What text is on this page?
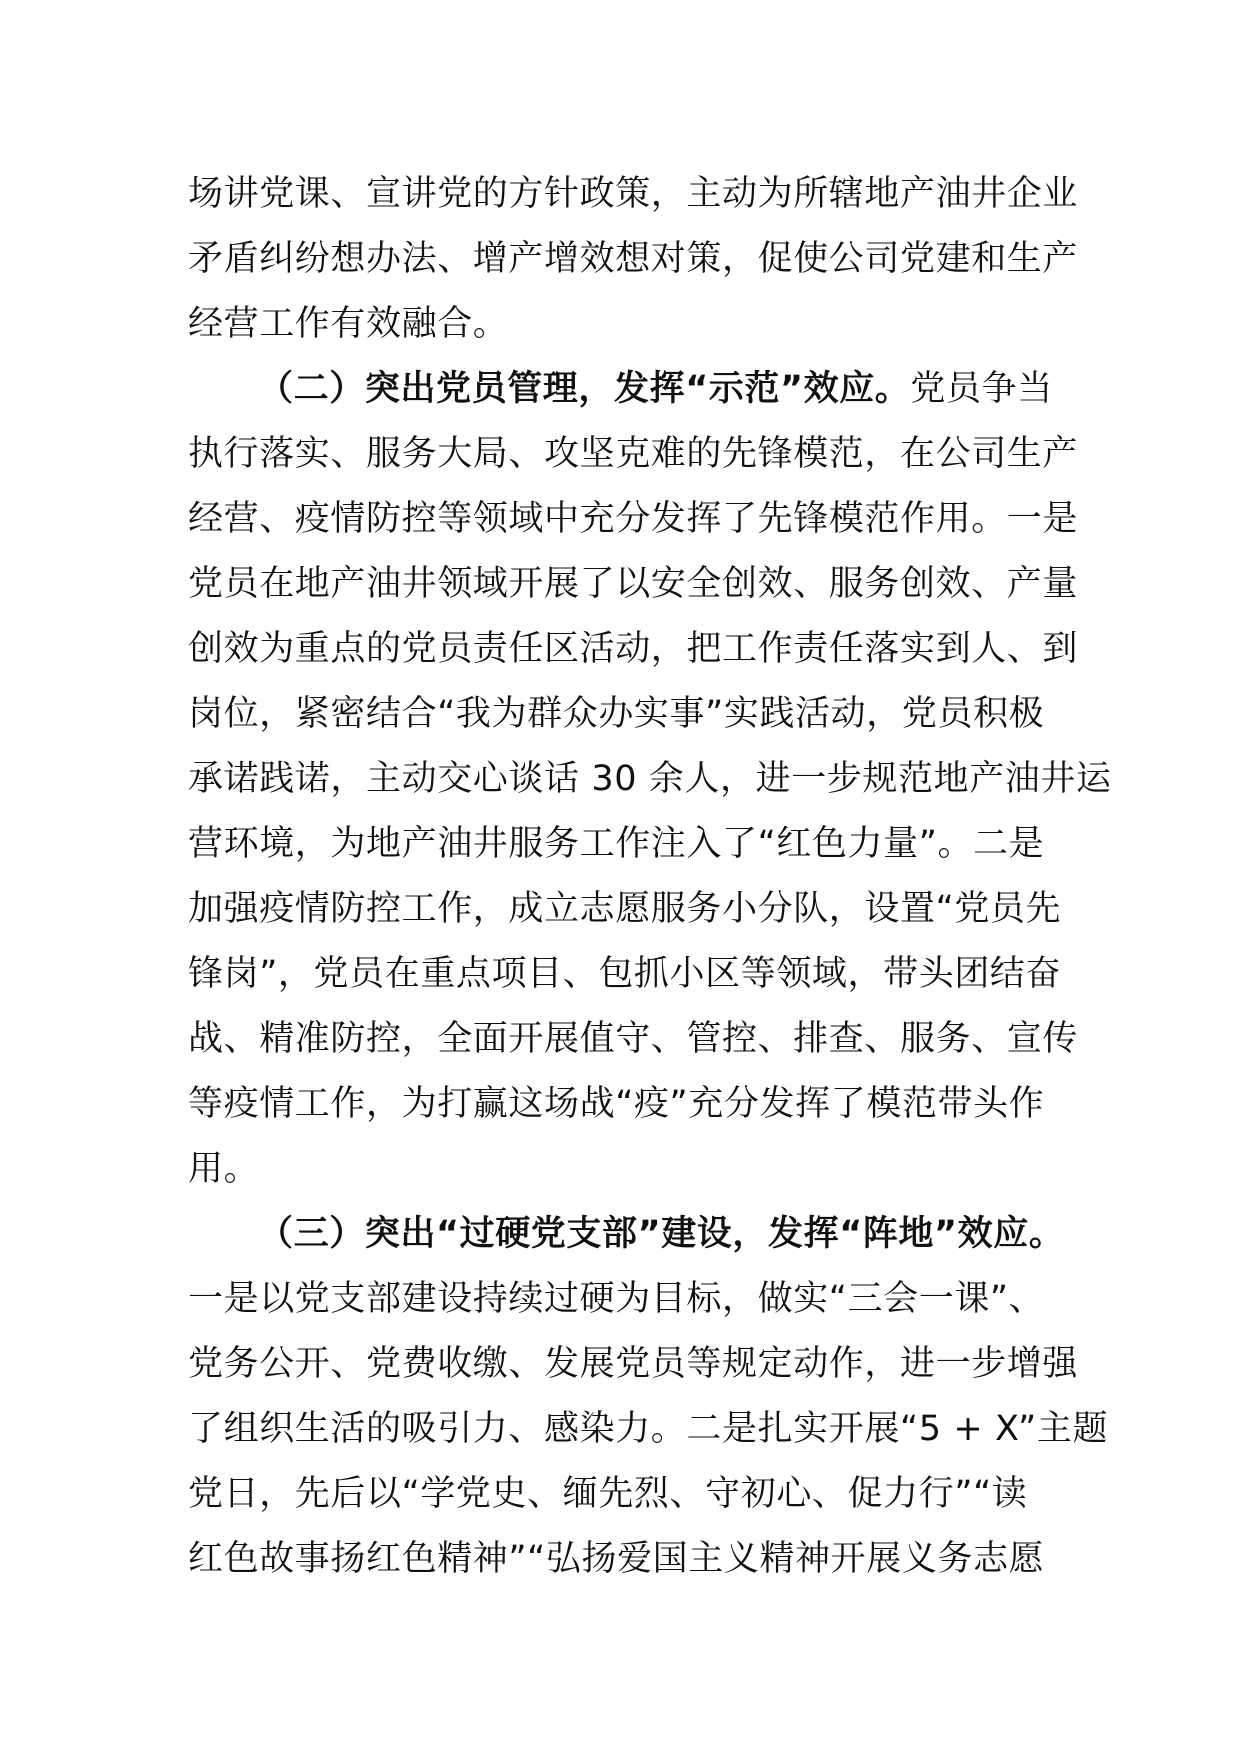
场讲党课、宣讲党的方针政策，主动为所辖地产油井企业
矛盾纠纷想办法、增产增效想对策，促使公司党建和生产
经营工作有效融合。
（二）突出党员管理，发挥“示范”效应。党员争当
执行落实、服务大局、攻坚克难的先锋模范，在公司生产
经营、疫情防控等领域中充分发挥了先锋模范作用。一是
党员在地产油井领域开展了以安全创效、服务创效、产量
创效为重点的党员责任区活动，把工作责任落实到人、到
岗位，紧密结合“我为群众办实事”实践活动，党员积极
承诺践诺，主动交心谈话 30 余人，进一步规范地产油井运
营环境，为地产油井服务工作注入了“红色力量”。二是
加强疫情防控工作，成立志愿服务小分队，设置“党员先
锋岗”，党员在重点项目、包抓小区等领域，带头团结奋
战、精准防控，全面开展值守、管控、排查、服务、宣传
等疫情工作，为打赢这场战“疫”充分发挥了模范带头作
用。
（三）突出“过硬党支部”建设，发挥“阵地”效应。
一是以党支部建设持续过硬为目标，做实“三会一课”、
党务公开、党费收缴、发展党员等规定动作，进一步增强
了组织生活的吸引力、感染力。二是扎实开展“5 + X”主题
党日，先后以“学党史、缅先烈、守初心、促力行”“读
红色故事扬红色精神”“弘扬爱国主义精神开展义务志愿
